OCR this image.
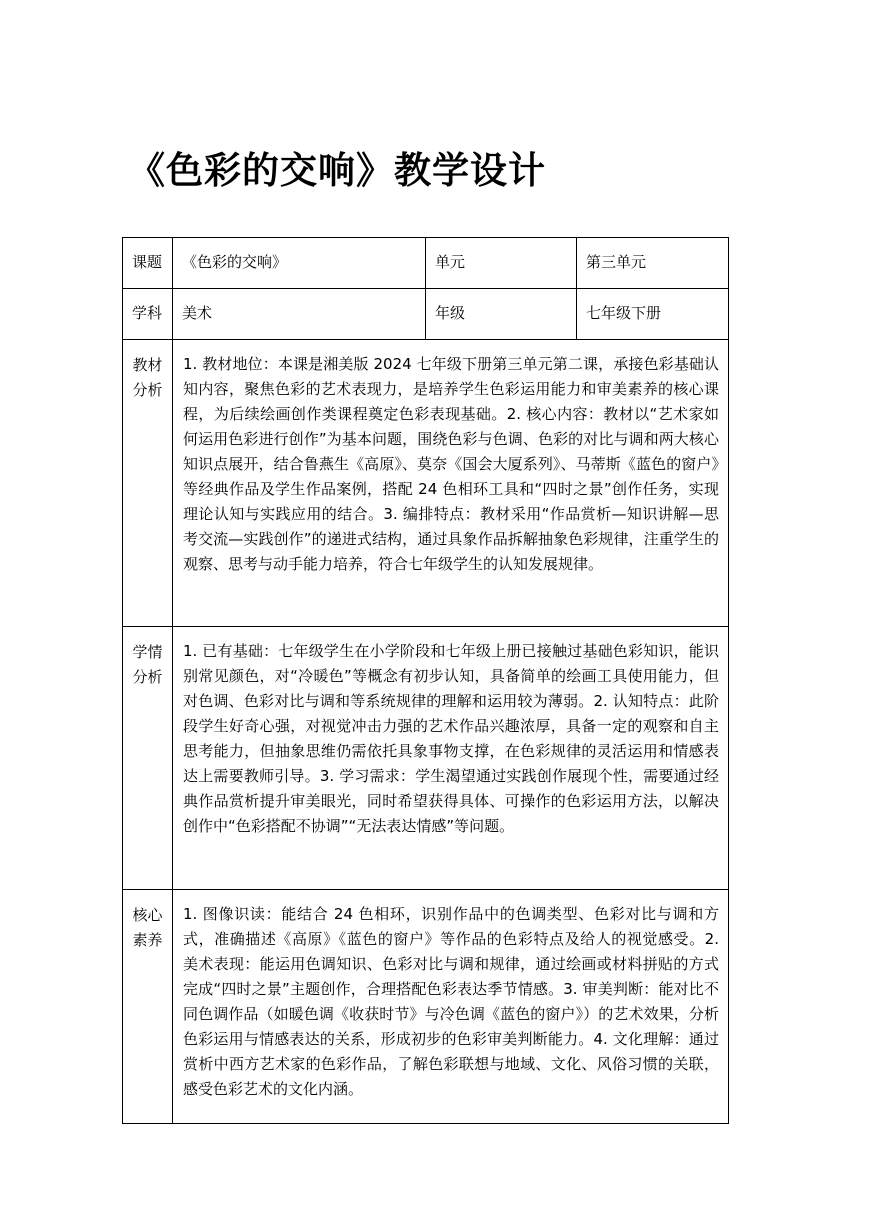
《色彩的交响》教学设计
课题	《色彩的交响》	单元	第三单元

学科	美术	年级	七年级下册

教材分析	1. 教材地位：本课是湘美版 2024 七年级下册第三单元第二课，承接色彩基础认知内容，聚焦色彩的艺术表现力，是培养学生色彩运用能力和审美素养的核心课程，为后续绘画创作类课程奠定色彩表现基础。2. 核心内容：教材以“艺术家如何运用色彩进行创作”为基本问题，围绕色彩与色调、色彩的对比与调和两大核心知识点展开，结合鲁燕生《高原》、莫奈《国会大厦系列》、马蒂斯《蓝色的窗户》等经典作品及学生作品案例，搭配 24 色相环工具和“四时之景”创作任务，实现理论认知与实践应用的结合。3. 编排特点：教材采用“作品赏析—知识讲解—思考交流—实践创作”的递进式结构，通过具象作品拆解抽象色彩规律，注重学生的观察、思考与动手能力培养，符合七年级学生的认知发展规律。		

学情分析	1. 已有基础：七年级学生在小学阶段和七年级上册已接触过基础色彩知识，能识别常见颜色，对“冷暖色”等概念有初步认知，具备简单的绘画工具使用能力，但对色调、色彩对比与调和等系统规律的理解和运用较为薄弱。2. 认知特点：此阶段学生好奇心强，对视觉冲击力强的艺术作品兴趣浓厚，具备一定的观察和自主思考能力，但抽象思维仍需依托具象事物支撑，在色彩规律的灵活运用和情感表达上需要教师引导。3. 学习需求：学生渴望通过实践创作展现个性，需要通过经典作品赏析提升审美眼光，同时希望获得具体、可操作的色彩运用方法，以解决创作中“色彩搭配不协调”“无法表达情感”等问题。		

核心素养	1. 图像识读：能结合 24 色相环，识别作品中的色调类型、色彩对比与调和方式，准确描述《高原》《蓝色的窗户》等作品的色彩特点及给人的视觉感受。2. 美术表现：能运用色调知识、色彩对比与调和规律，通过绘画或材料拼贴的方式完成“四时之景”主题创作，合理搭配色彩表达季节情感。3. 审美判断：能对比不同色调作品（如暖色调《收获时节》与冷色调《蓝色的窗户》）的艺术效果，分析色彩运用与情感表达的关系，形成初步的色彩审美判断能力。4. 文化理解：通过赏析中西方艺术家的色彩作品，了解色彩联想与地域、文化、风俗习惯的关联，感受色彩艺术的文化内涵。		
